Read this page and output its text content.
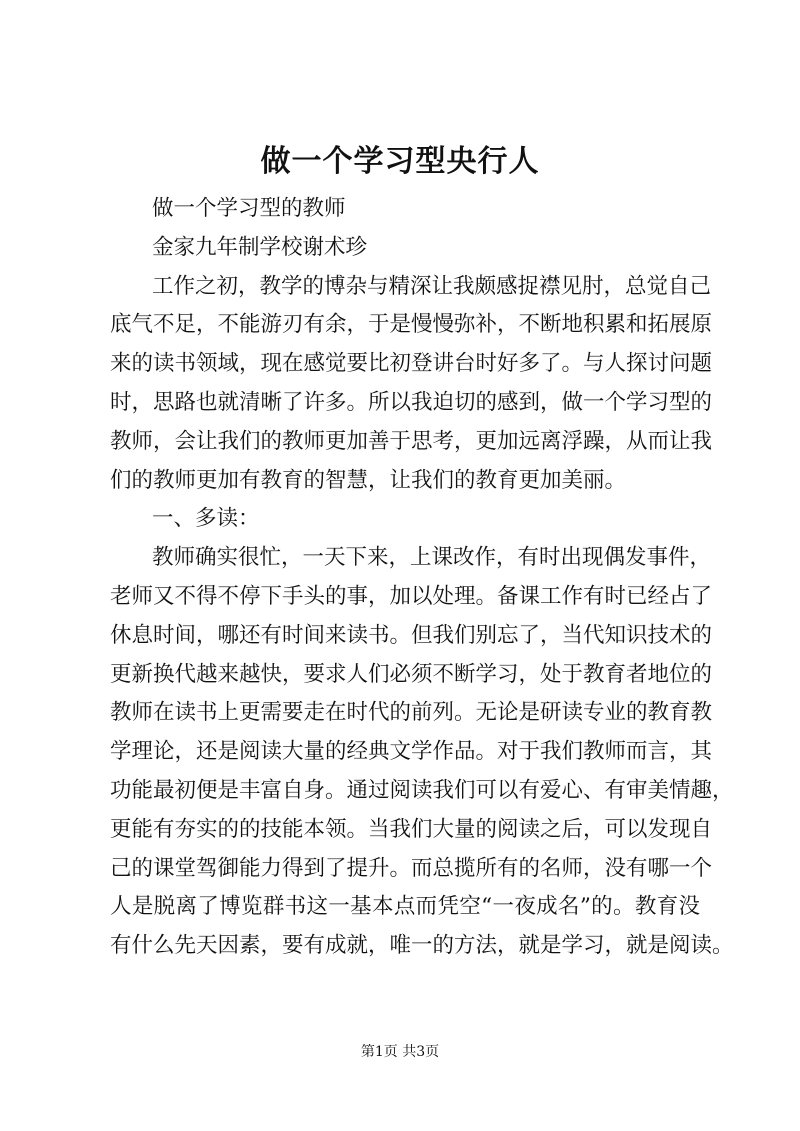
做一个学习型央行人
做一个学习型的教师
金家九年制学校谢术珍
工作之初，教学的博杂与精深让我颇感捉襟见肘，总觉自己
底气不足，不能游刃有余，于是慢慢弥补，不断地积累和拓展原
来的读书领域，现在感觉要比初登讲台时好多了。与人探讨问题
时，思路也就清晰了许多。所以我迫切的感到，做一个学习型的
教师，会让我们的教师更加善于思考，更加远离浮躁，从而让我
们的教师更加有教育的智慧，让我们的教育更加美丽。
一、多读：
教师确实很忙，一天下来，上课改作，有时出现偶发事件，
老师又不得不停下手头的事，加以处理。备课工作有时已经占了
休息时间，哪还有时间来读书。但我们别忘了，当代知识技术的
更新换代越来越快，要求人们必须不断学习，处于教育者地位的
教师在读书上更需要走在时代的前列。无论是研读专业的教育教
学理论，还是阅读大量的经典文学作品。对于我们教师而言，其
功能最初便是丰富自身。通过阅读我们可以有爱心、有审美情趣，
更能有夯实的的技能本领。当我们大量的阅读之后，可以发现自
己的课堂驾御能力得到了提升。而总揽所有的名师，没有哪一个
人是脱离了博览群书这一基本点而凭空“一夜成名”的。教育没
有什么先天因素，要有成就，唯一的方法，就是学习，就是阅读。
第1页 共3页
